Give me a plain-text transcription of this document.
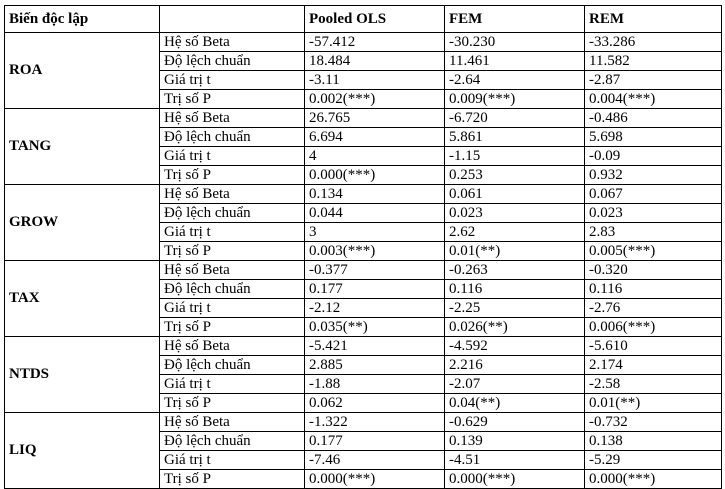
Biến độc lập		Pooled OLS	FEM	REM
ROA	Hệ số Beta	-57.412	-30.230	-33.286
	Độ lệch chuẩn	18.484	11.461	11.582
	Giá trị t	-3.11	-2.64	-2.87
	Trị số P	0.002(***)	0.009(***)	0.004(***)
TANG	Hệ số Beta	26.765	-6.720	-0.486
	Độ lệch chuẩn	6.694	5.861	5.698
	Giá trị t	4	-1.15	-0.09
	Trị số P	0.000(***)	0.253	0.932
GROW	Hệ số Beta	0.134	0.061	0.067
	Độ lệch chuẩn	0.044	0.023	0.023
	Giá trị t	3	2.62	2.83
	Trị số P	0.003(***)	0.01(**)	0.005(***)
TAX	Hệ số Beta	-0.377	-0.263	-0.320
	Độ lệch chuẩn	0.177	0.116	0.116
	Giá trị t	-2.12	-2.25	-2.76
	Trị số P	0.035(**)	0.026(**)	0.006(***)
NTDS	Hệ số Beta	-5.421	-4.592	-5.610
	Độ lệch chuẩn	2.885	2.216	2.174
	Giá trị t	-1.88	-2.07	-2.58
	Trị số P	0.062	0.04(**)	0.01(**)
LIQ	Hệ số Beta	-1.322	-0.629	-0.732
	Độ lệch chuẩn	0.177	0.139	0.138
	Giá trị t	-7.46	-4.51	-5.29
	Trị số P	0.000(***)	0.000(***)	0.000(***)
